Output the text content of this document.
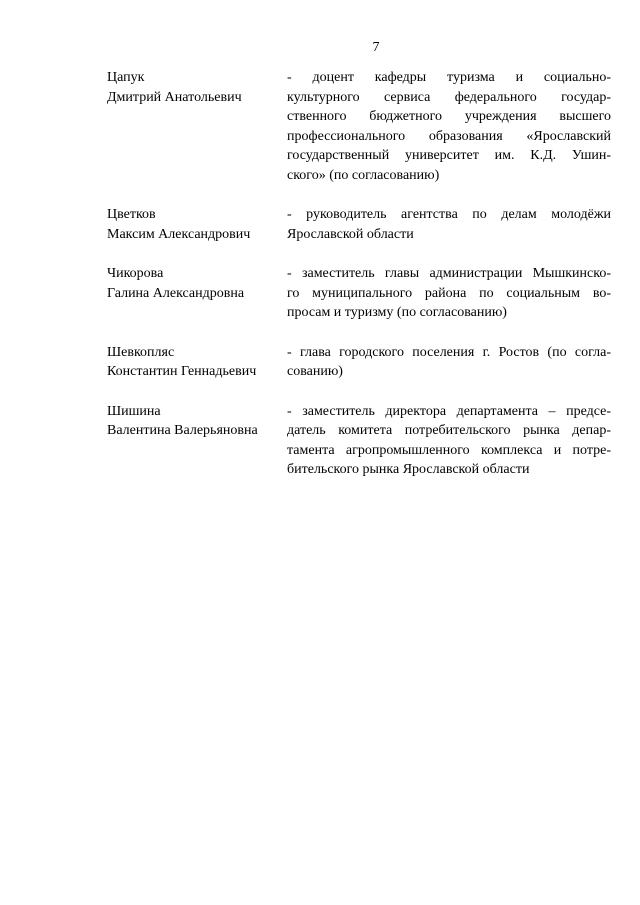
7
Цапук
Дмитрий Анатольевич
- доцент кафедры туризма и социально-
культурного сервиса федерального государ-
ственного бюджетного учреждения высшего
профессионального образования «Ярославский
государственный университет им. К.Д. Ушин-
ского» (по согласованию)
Цветков
Максим Александрович
- руководитель агентства по делам молодёжи
Ярославской области
Чикорова
Галина Александровна
- заместитель главы администрации Мышкинско-
го муниципального района по социальным во-
просам и туризму (по согласованию)
Шевкопляс
Константин Геннадьевич
- глава городского поселения г. Ростов (по согла-
сованию)
Шишина
Валентина Валерьяновна
- заместитель директора департамента – предсе-
датель комитета потребительского рынка депар-
тамента агропромышленного комплекса и потре-
бительского рынка Ярославской области
